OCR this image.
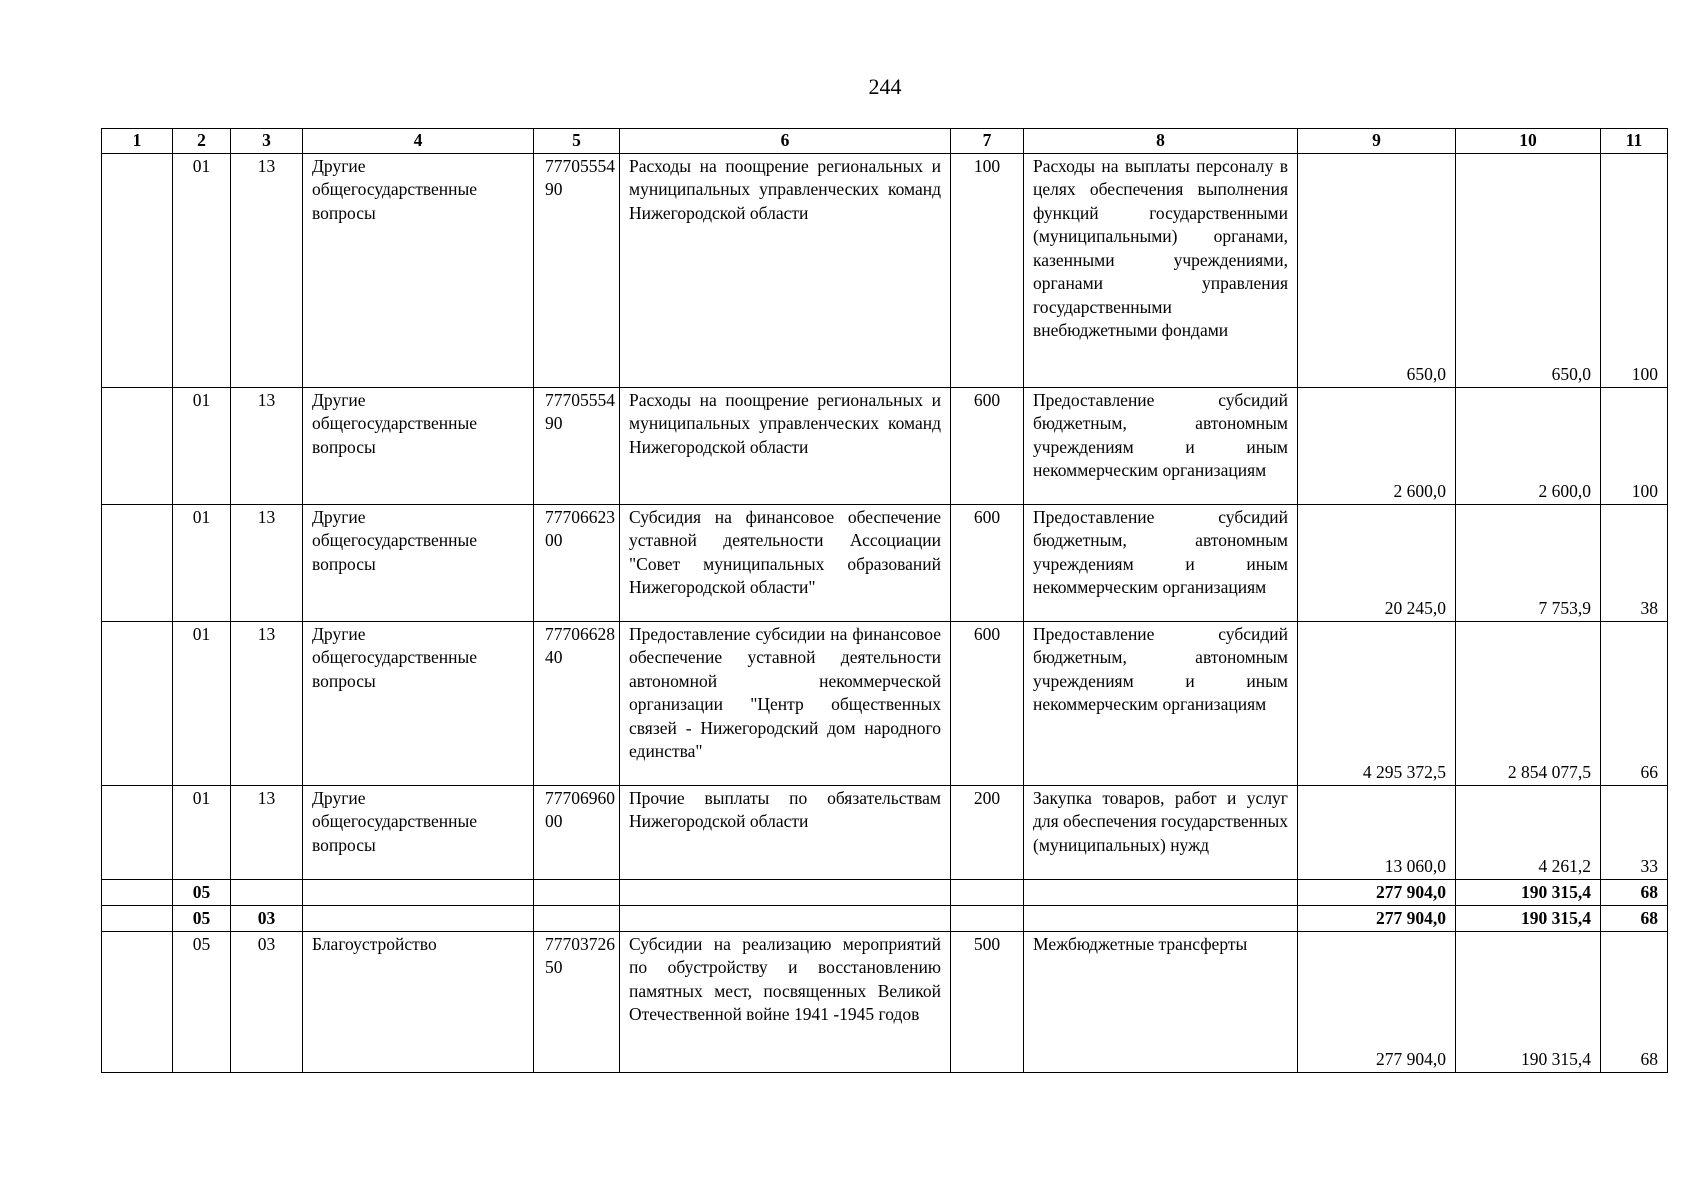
244
1	2	3	4	5	6	7	8	9	10	11
	01	13	Другие общегосударственные вопросы	7770555490	Расходы на поощрение региональных и муниципальных управленческих команд Нижегородской области	100	Расходы на выплаты персоналу в целях обеспечения выполнения функций государственными (муниципальными) органами, казенными учреждениями, органами управления государственными внебюджетными фондами	650,0	650,0	100
	01	13	Другие общегосударственные вопросы	7770555490	Расходы на поощрение региональных и муниципальных управленческих команд Нижегородской области	600	Предоставление субсидий бюджетным, автономным учреждениям и иным некоммерческим организациям	2 600,0	2 600,0	100
	01	13	Другие общегосударственные вопросы	7770662300	Субсидия на финансовое обеспечение уставной деятельности Ассоциации "Совет муниципальных образований Нижегородской области"	600	Предоставление субсидий бюджетным, автономным учреждениям и иным некоммерческим организациям	20 245,0	7 753,9	38
	01	13	Другие общегосударственные вопросы	7770662840	Предоставление субсидии на финансовое обеспечение уставной деятельности автономной некоммерческой организации "Центр общественных связей - Нижегородский дом народного единства"	600	Предоставление субсидий бюджетным, автономным учреждениям и иным некоммерческим организациям	4 295 372,5	2 854 077,5	66
	01	13	Другие общегосударственные вопросы	7770696000	Прочие выплаты по обязательствам Нижегородской области	200	Закупка товаров, работ и услуг для обеспечения государственных (муниципальных) нужд	13 060,0	4 261,2	33
	05							277 904,0	190 315,4	68
	05	03						277 904,0	190 315,4	68
	05	03	Благоустройство	7770372650	Субсидии на реализацию мероприятий по обустройству и восстановлению памятных мест, посвященных Великой Отечественной войне 1941 -1945 годов	500	Межбюджетные трансферты	277 904,0	190 315,4	68
